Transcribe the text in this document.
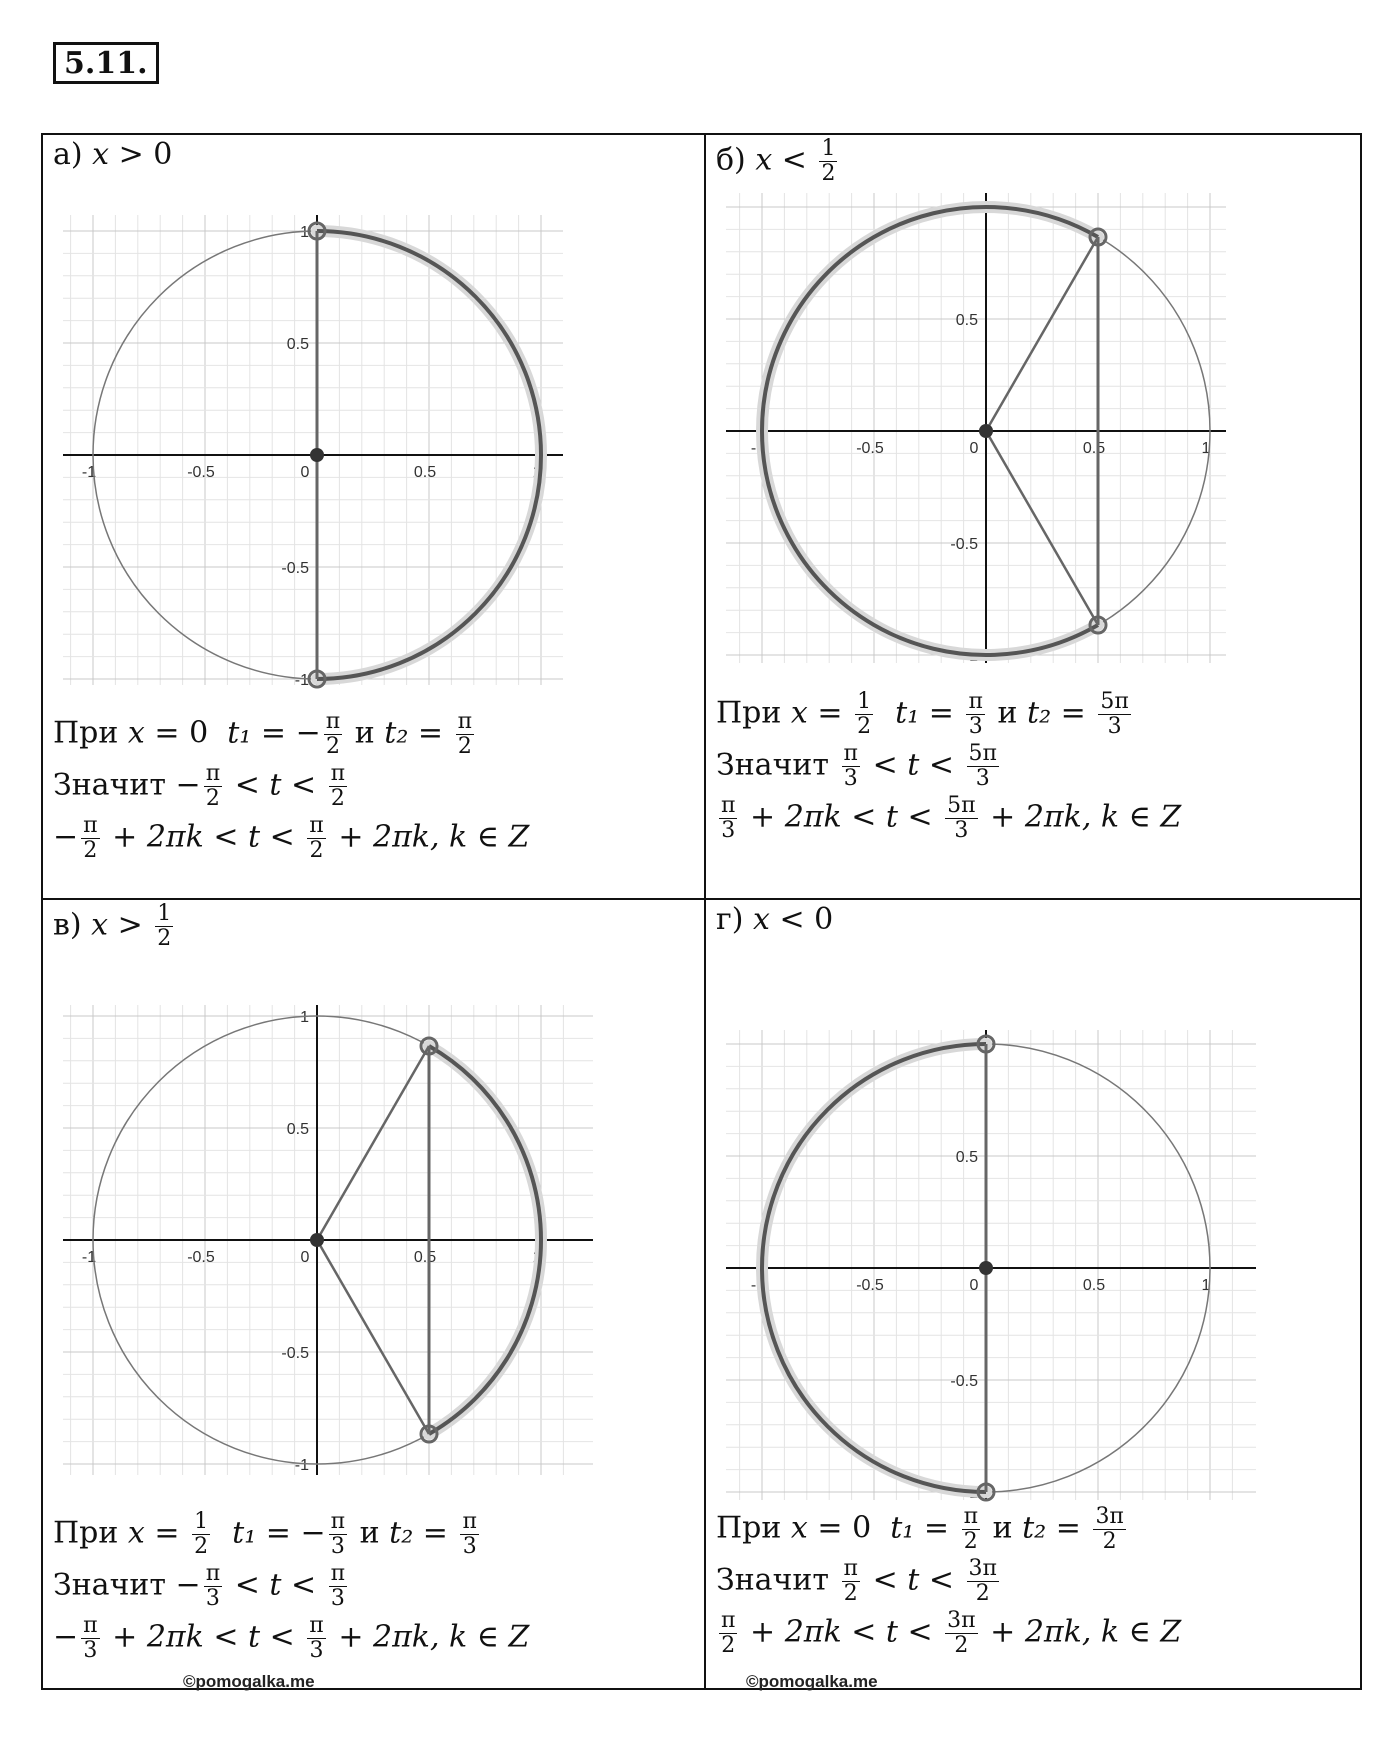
5.11.
а) x > 0
-1	-0.5	0	0.5	1
1
0.5
-0.5
-1
При x = 0 t₁ = − $\frac{\pi}{2}$ и $t_2 = \frac{\pi}{2}$
Значит − $\frac{\pi}{2} < t < \frac{\pi}{2}$
− $\frac{\pi}{2} + 2\pi k < t < \frac{\pi}{2} + 2\pi k$, k ∈ Z
б) $x < \frac{1}{2}$
-1	-0.5	0	0.5	1
1
0.5
-0.5
-1
При $x = \frac{1}{2} t_1 = \frac{\pi}{3}$ и $t_2 = \frac{5\pi}{3}$
Значит $\frac{\pi}{3} < t < \frac{5\pi}{3}$
$\frac{\pi}{3} + 2\pi k < t < \frac{5\pi}{3} + 2\pi k$, k ∈ Z
в) $x > \frac{1}{2}$
-1	-0.5	0	0.5	1
1
0.5
-0.5
-1
При $x = \frac{1}{2} t_1$ = − $\frac{\pi}{3}$ и $t_2 = \frac{\pi}{3}$
Значит − $\frac{\pi}{3} < t < \frac{\pi}{3}$
− $\frac{\pi}{3} + 2\pi k < t < \frac{\pi}{3} + 2\pi k$, k ∈ Z
г) x < 0
-1	-0.5	0	0.5	1
1
0.5
-0.5
-1
При x = 0 $t_1 = \frac{\pi}{2}$ и $t_2 = \frac{3\pi}{2}$
Значит $\frac{\pi}{2} < t < \frac{3\pi}{2}$
$\frac{\pi}{2} + 2\pi k < t < \frac{3\pi}{2} + 2\pi k$, k ∈ Z
©pomogalka.me	©pomogalka.me
